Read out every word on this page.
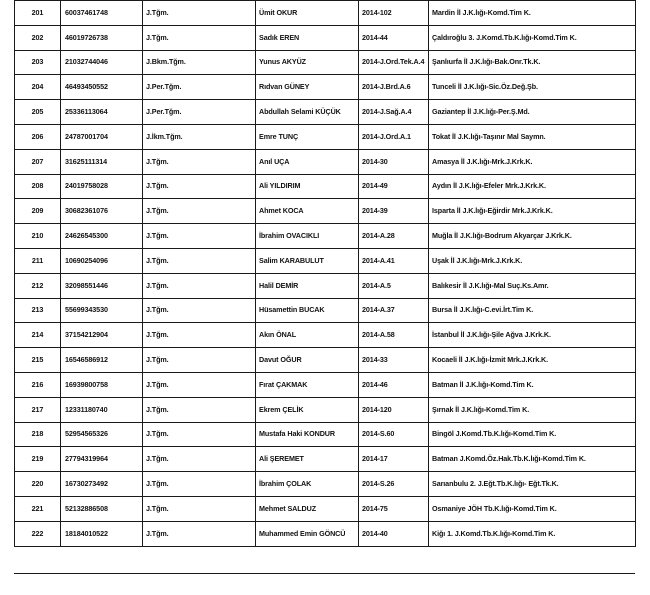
201	60037461748	J.Tğm.	Ümit OKUR	2014-102	Mardin İl J.K.lığı-Komd.Tim K.
202	46019726738	J.Tğm.	Sadık EREN	2014-44	Çaldıroğlu 3. J.Komd.Tb.K.lığı-Komd.Tim K.
203	21032744046	J.Bkm.Tğm.	Yunus AKYÜZ	2014-J.Ord.Tek.A.4	Şanlıurfa İl J.K.lığı-Bak.Onr.Tk.K.
204	46493450552	J.Per.Tğm.	Rıdvan GÜNEY	2014-J.Brd.A.6	Tunceli İl J.K.lığı-Sic.Öz.Değ.Şb.
205	25336113064	J.Per.Tğm.	Abdullah Selami KÜÇÜK	2014-J.Sağ.A.4	Gaziantep İl J.K.lığı-Per.Ş.Md.
206	24787001704	J.İkm.Tğm.	Emre TUNÇ	2014-J.Ord.A.1	Tokat İl J.K.lığı-Taşınır Mal Saymn.
207	31625111314	J.Tğm.	Anıl UÇA	2014-30	Amasya İl J.K.lığı-Mrk.J.Krk.K.
208	24019758028	J.Tğm.	Ali YILDIRIM	2014-49	Aydın İl J.K.lığı-Efeler Mrk.J.Krk.K.
209	30682361076	J.Tğm.	Ahmet KOCA	2014-39	Isparta İl J.K.lığı-Eğirdir Mrk.J.Krk.K.
210	24626545300	J.Tğm.	İbrahim OVACIKLI	2014-A.28	Muğla İl J.K.lığı-Bodrum Akyarçar J.Krk.K.
211	10690254096	J.Tğm.	Salim KARABULUT	2014-A.41	Uşak İl J.K.lığı-Mrk.J.Krk.K.
212	32098551446	J.Tğm.	Halil DEMİR	2014-A.5	Balıkesir İl J.K.lığı-Mal Suç.Ks.Amr.
213	55699343530	J.Tğm.	Hüsamettin BUCAK	2014-A.37	Bursa İl J.K.lığı-C.evi.İrt.Tim K.
214	37154212904	J.Tğm.	Akın ÖNAL	2014-A.58	İstanbul İl J.K.lığı-Şile Ağva J.Krk.K.
215	16546586912	J.Tğm.	Davut OĞUR	2014-33	Kocaeli İl J.K.lığı-İzmit Mrk.J.Krk.K.
216	16939800758	J.Tğm.	Fırat ÇAKMAK	2014-46	Batman İl J.K.lığı-Komd.Tim K.
217	12331180740	J.Tğm.	Ekrem ÇELİK	2014-120	Şırnak İl J.K.lığı-Komd.Tim K.
218	52954565326	J.Tğm.	Mustafa Haki KONDUR	2014-S.60	Bingöl J.Komd.Tb.K.lığı-Komd.Tim K.
219	27794319964	J.Tğm.	Ali ŞEREMET	2014-17	Batman J.Komd.Öz.Hak.Tb.K.lığı-Komd.Tim K.
220	16730273492	J.Tğm.	İbrahim ÇOLAK	2014-S.26	Sarıanbulu 2. J.Eğt.Tb.K.lığı- Eğt.Tk.K.
221	52132886508	J.Tğm.	Mehmet SALDUZ	2014-75	Osmaniye JÖH Tb.K.lığı-Komd.Tim K.
222	18184010522	J.Tğm.	Muhammed Emin GÖNCÜ	2014-40	Kiğı 1. J.Komd.Tb.K.lığı-Komd.Tim K.
